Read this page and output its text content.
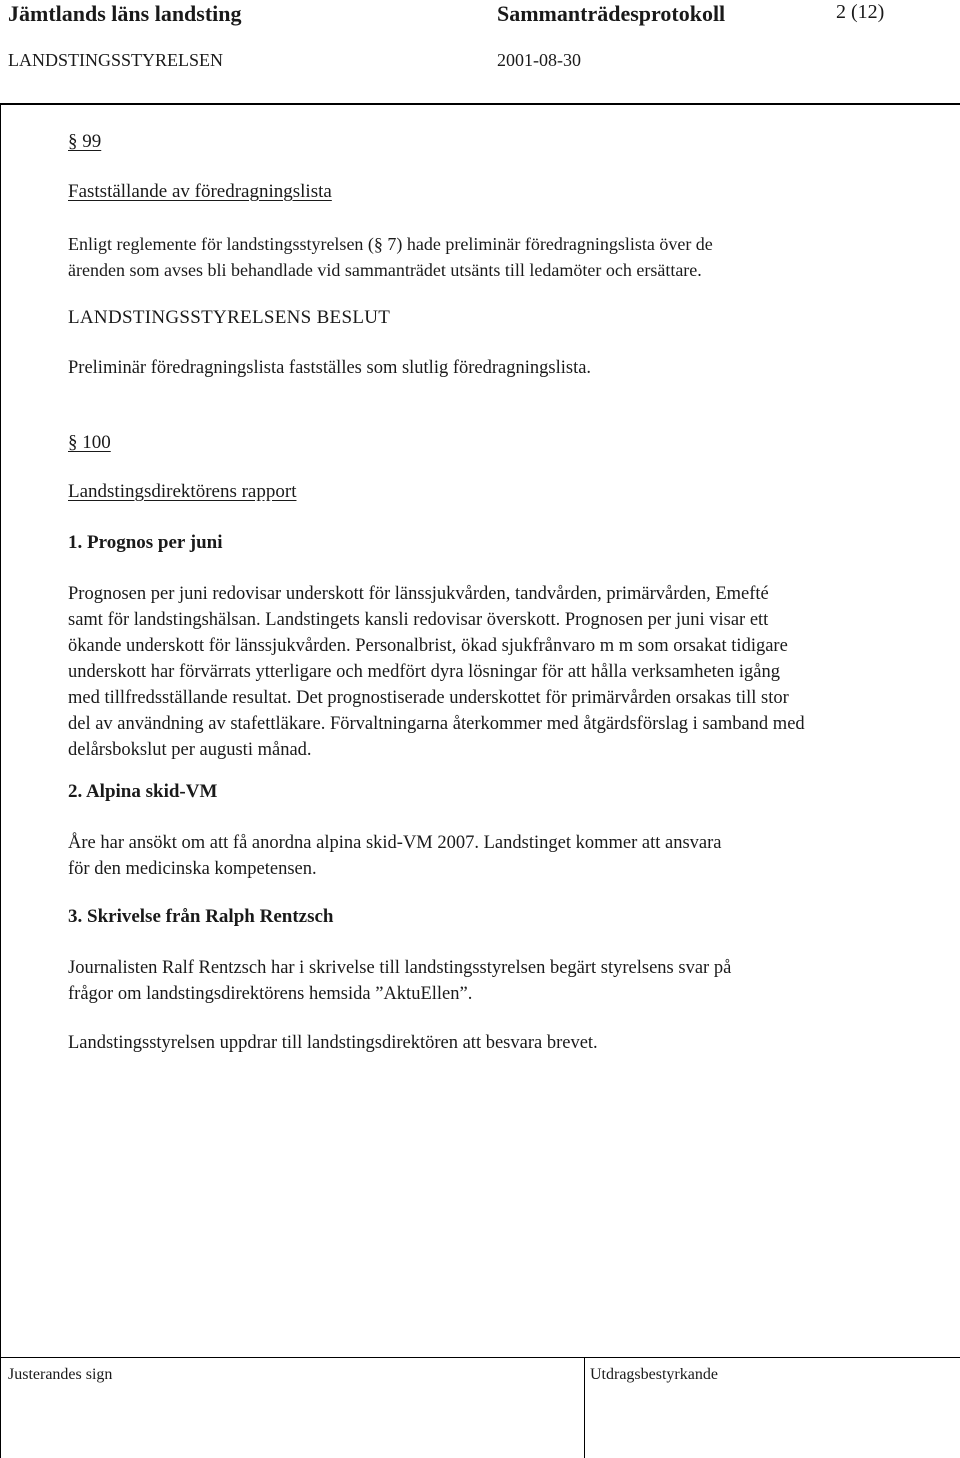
Jämtlands läns landsting	Sammanträdesprotokoll	2 (12)
LANDSTINGSSTYRELSEN	2001-08-30
§ 99
Fastställande av föredragningslista
Enligt reglemente för landstingsstyrelsen (§ 7) hade preliminär föredragningslista över de
ärenden som avses bli behandlade vid sammanträdet utsänts till ledamöter och ersättare.
LANDSTINGSSTYRELSENS BESLUT
Preliminär föredragningslista fastställes som slutlig föredragningslista.
§ 100
Landstingsdirektörens rapport
1. Prognos per juni
Prognosen per juni redovisar underskott för länssjukvården, tandvården, primärvården, Emefté
samt för landstingshälsan. Landstingets kansli redovisar överskott. Prognosen per juni visar ett
ökande underskott för länssjukvården. Personalbrist, ökad sjukfrånvaro m m som orsakat tidigare
underskott har förvärrats ytterligare och medfört dyra lösningar för att hålla verksamheten igång
med tillfredsställande resultat. Det prognostiserade underskottet för primärvården orsakas till stor
del av användning av stafettläkare. Förvaltningarna återkommer med åtgärdsförslag i samband med
delårsbokslut per augusti månad.
2. Alpina skid-VM
Åre har ansökt om att få anordna alpina skid-VM 2007. Landstinget kommer att ansvara
för den medicinska kompetensen.
3. Skrivelse från Ralph Rentzsch
Journalisten Ralf Rentzsch har i skrivelse till landstingsstyrelsen begärt styrelsens svar på
frågor om landstingsdirektörens hemsida ”AktuEllen”.
Landstingsstyrelsen uppdrar till landstingsdirektören att besvara brevet.
Justerandes sign	Utdragsbestyrkande
